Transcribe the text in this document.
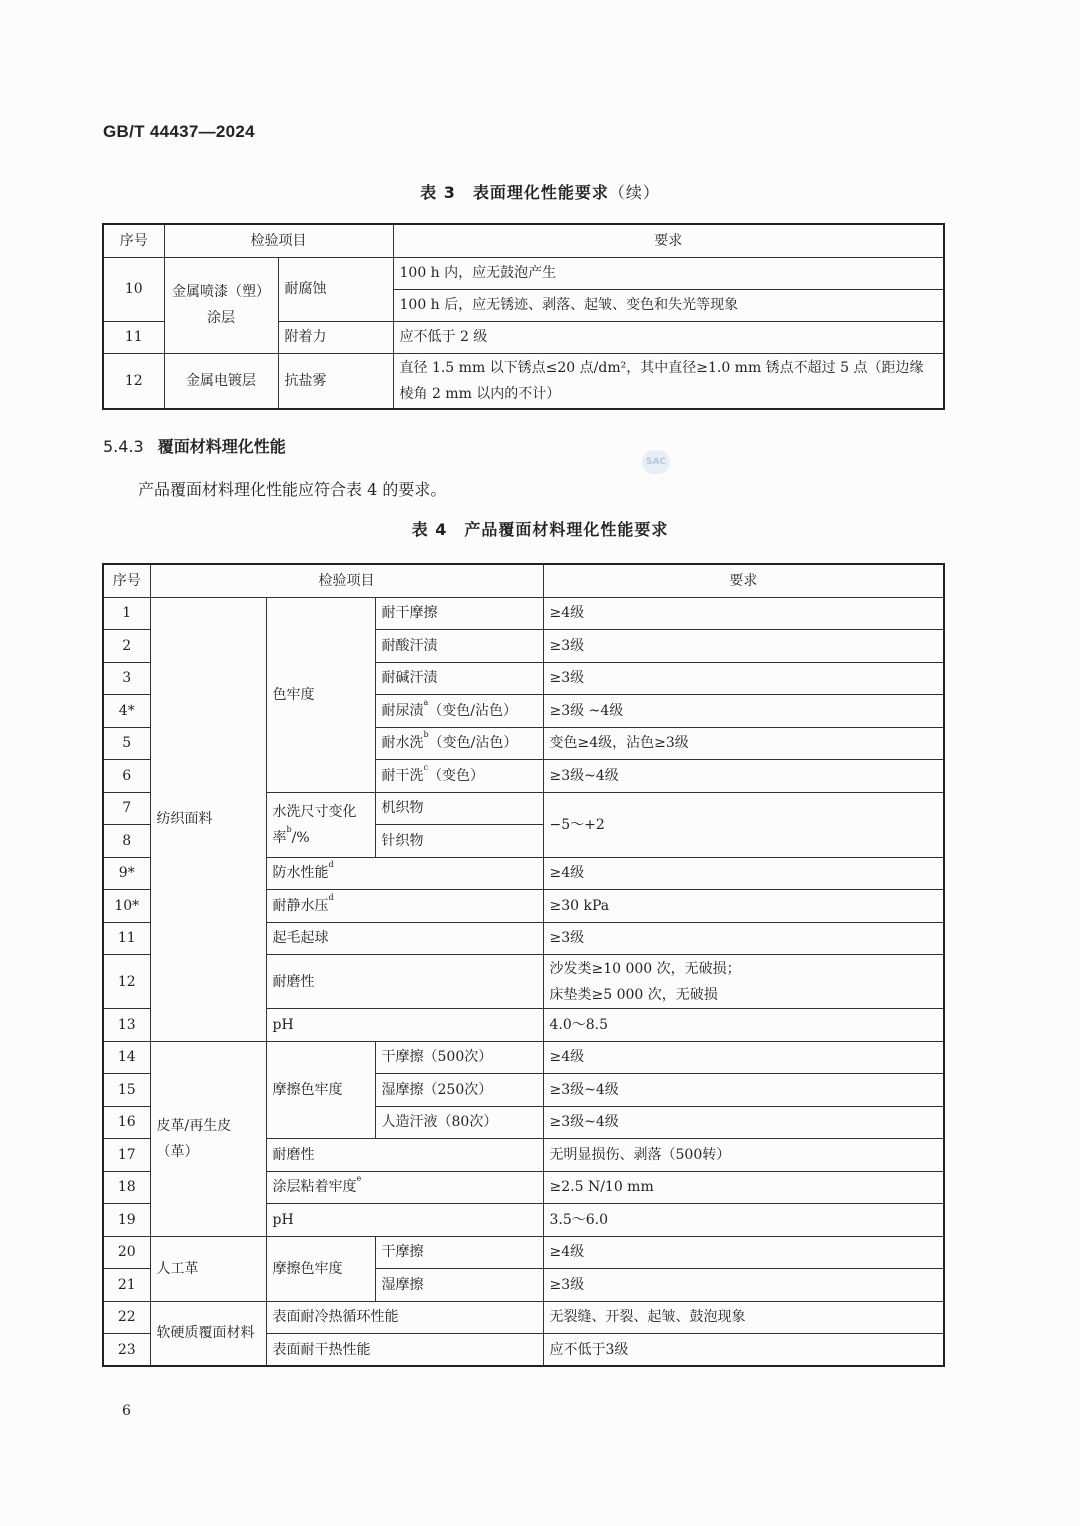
GB/T 44437—2024
表 3　表面理化性能要求（续）
序号	检验项目		要求
10	金属喷漆（塑）涂层	耐腐蚀	100 h 内，应无鼓泡产生
			100 h 后，应无锈迹、剥落、起皱、变色和失光等现象
11		附着力	应不低于 2 级
12	金属电镀层	抗盐雾	直径 1.5 mm 以下锈点≤20 点/dm²，其中直径≥1.0 mm 锈点不超过 5 点（距边缘棱角 2 mm 以内的不计）
5.4.3 覆面材料理化性能
SAC
产品覆面材料理化性能应符合表 4 的要求。
表 4　产品覆面材料理化性能要求
序号	检验项目			要求
1	纺织面料	色牢度	耐干摩擦	≥4级
2			耐酸汗渍	≥3级
3			耐碱汗渍	≥3级
4*			耐尿渍$^a$（变色/沾色）	≥3级 ~4级
5			耐水洗$^b$（变色/沾色）	变色≥4级，沾色≥3级
6			耐干洗$^c$（变色）	≥3级~4级
7		水洗尺寸变化率$^b$/%	机织物	−5～+2
8			针织物	
9*		防水性能$^d$		≥4级
10*		耐静水压$^d$		≥30 kPa
11		起毛起球		≥3级
12		耐磨性		沙发类≥10 000 次，无破损；
床垫类≥5 000 次，无破损

13		pH		4.0～8.5
14	皮革/再生皮（革）	摩擦色牢度	干摩擦（500次）	≥4级
15			湿摩擦（250次）	≥3级~4级
16			人造汗液（80次）	≥3级~4级
17		耐磨性		无明显损伤、剥落（500转）
18		涂层粘着牢度$^e$		≥2.5 N/10 mm
19		pH		3.5～6.0
20	人工革	摩擦色牢度	干摩擦	≥4级
21			湿摩擦	≥3级
22	软硬质覆面材料	表面耐冷热循环性能		无裂缝、开裂、起皱、鼓泡现象
23		表面耐干热性能		应不低于3级
6
